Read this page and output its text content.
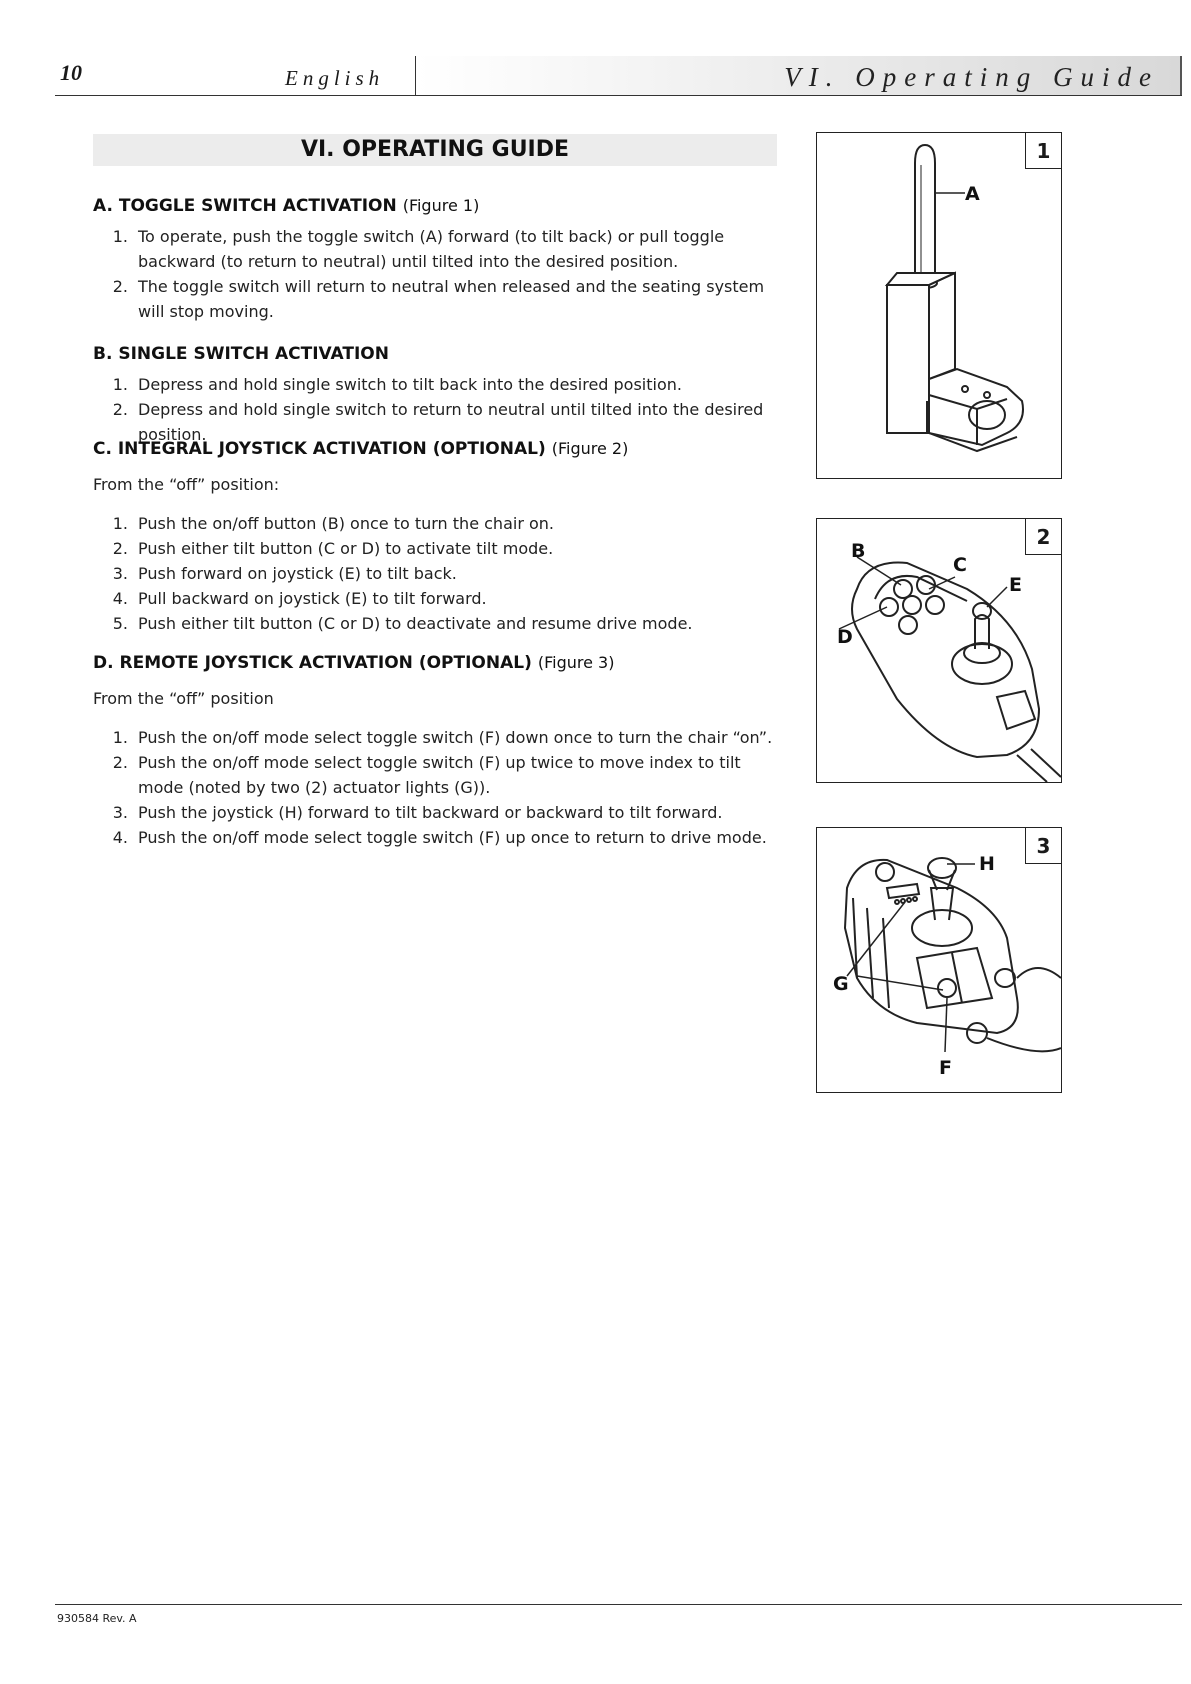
10	English	VI. Operating Guide
VI. OPERATING GUIDE
A. TOGGLE SWITCH ACTIVATION (Figure 1)
1. To operate, push the toggle switch (A) forward (to tilt back) or pull toggle backward (to return to neutral) until tilted into the desired position.
2. The toggle switch will return to neutral when released and the seating system will stop moving.
B. SINGLE SWITCH ACTIVATION
1. Depress and hold single switch to tilt back into the desired position.
2. Depress and hold single switch to return to neutral until tilted into the desired position.
C. INTEGRAL JOYSTICK ACTIVATION (OPTIONAL) (Figure 2)
From the “off” position:
1. Push the on/off button (B) once to turn the chair on.
2. Push either tilt button (C or D) to activate tilt mode.
3. Push forward on joystick (E) to tilt back.
4. Pull backward on joystick (E) to tilt forward.
5. Push either tilt button (C or D) to deactivate and resume drive mode.
D. REMOTE JOYSTICK ACTIVATION (OPTIONAL) (Figure 3)
From the “off” position
1. Push the on/off mode select toggle switch (F) down once to turn the chair “on”.
2. Push the on/off mode select toggle switch (F) up twice to move index to tilt mode (noted by two (2) actuator lights (G)).
3. Push the joystick (H) forward to tilt backward or backward to tilt forward.
4. Push the on/off mode select toggle switch (F) up once to return to drive mode.
A
1
B
C
D
E
2
H
G
F
3
930584 Rev. A
